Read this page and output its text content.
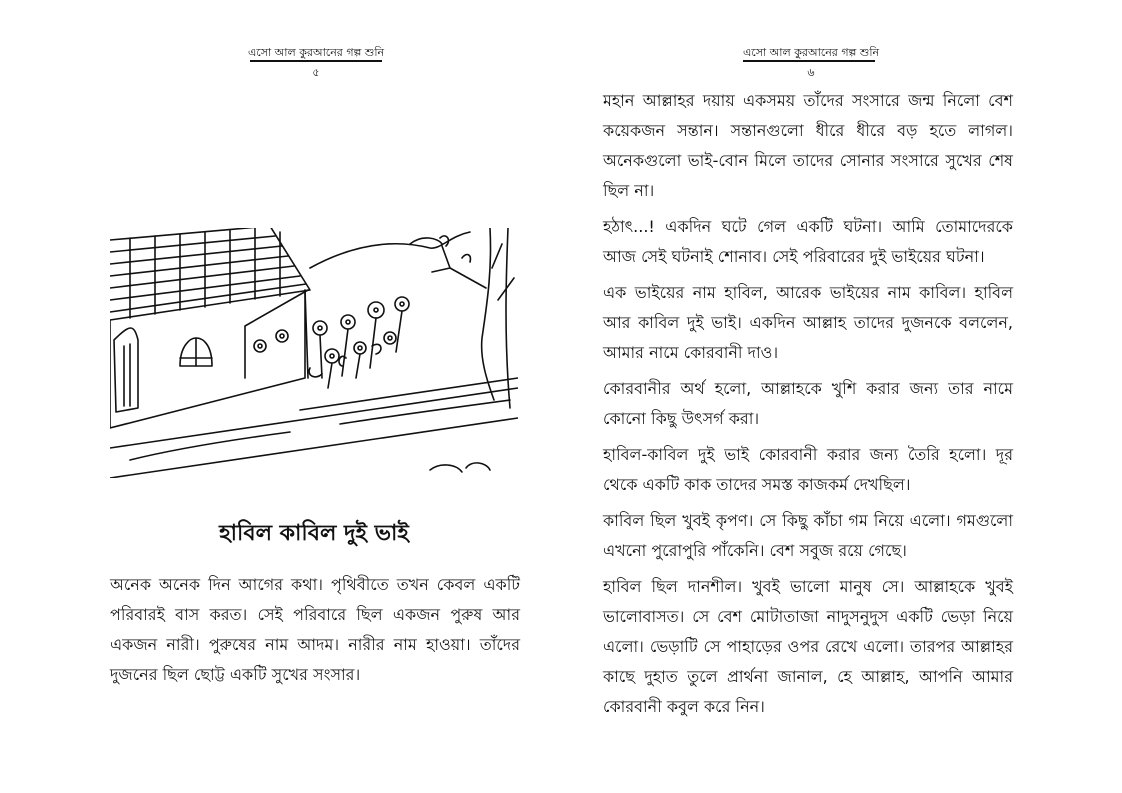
এসো আল কুরআনের গল্প শুনি
৫
হাবিল কাবিল দুই ভাই

অনেক অনেক দিন আগের কথা। পৃথিবীতে তখন কেবল একটি পরিবারই বাস করত। সেই পরিবারে ছিল একজন পুরুষ আর একজন নারী। পুরুষের নাম আদম। নারীর নাম হাওয়া। তাঁদের দুজনের ছিল ছোট্ট একটি সুখের সংসার।

এসো আল কুরআনের গল্প শুনি
৬

মহান আল্লাহর দয়ায় একসময় তাঁদের সংসারে জন্ম নিলো বেশ কয়েকজন সন্তান। সন্তানগুলো ধীরে ধীরে বড় হতে লাগল। অনেকগুলো ভাই-বোন মিলে তাদের সোনার সংসারে সুখের শেষ ছিল না।

হঠাৎ...! একদিন ঘটে গেল একটি ঘটনা। আমি তোমাদেরকে আজ সেই ঘটনাই শোনাব। সেই পরিবারের দুই ভাইয়ের ঘটনা।

এক ভাইয়ের নাম হাবিল, আরেক ভাইয়ের নাম কাবিল। হাবিল আর কাবিল দুই ভাই। একদিন আল্লাহ তাদের দুজনকে বললেন, আমার নামে কোরবানী দাও।

কোরবানীর অর্থ হলো, আল্লাহকে খুশি করার জন্য তার নামে কোনো কিছু উৎসর্গ করা।

হাবিল-কাবিল দুই ভাই কোরবানী করার জন্য তৈরি হলো। দূর থেকে একটি কাক তাদের সমস্ত কাজকর্ম দেখছিল।

কাবিল ছিল খুবই কৃপণ। সে কিছু কাঁচা গম নিয়ে এলো। গমগুলো এখনো পুরোপুরি পাঁকেনি। বেশ সবুজ রয়ে গেছে।

হাবিল ছিল দানশীল। খুবই ভালো মানুষ সে। আল্লাহকে খুবই ভালোবাসত। সে বেশ মোটাতাজা নাদুসনুদুস একটি ভেড়া নিয়ে এলো। ভেড়াটি সে পাহাড়ের ওপর রেখে এলো। তারপর আল্লাহর কাছে দুহাত তুলে প্রার্থনা জানাল, হে আল্লাহ, আপনি আমার কোরবানী কবুল করে নিন।
